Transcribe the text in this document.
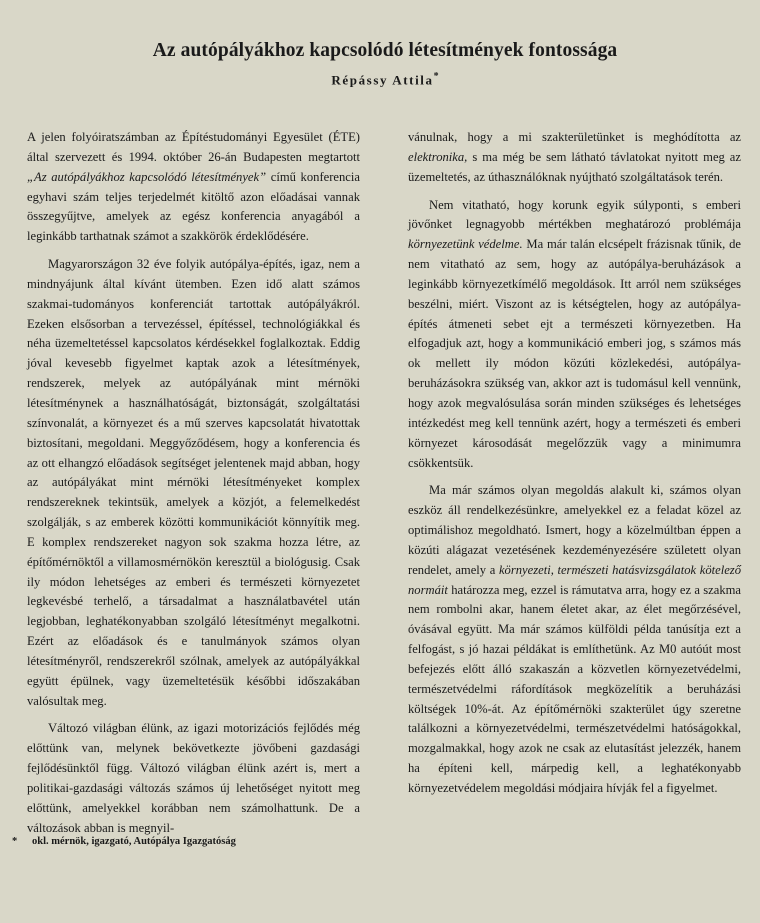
Az autópályákhoz kapcsolódó létesítmények fontossága
Répássy Attila*

A jelen folyóiratszámban az Építéstudományi Egyesület (ÉTE) által szervezett és 1994. október 26-án Budapesten megtartott „Az autópályákhoz kapcsolódó létesítmények” című konferencia egyhavi szám teljes terjedelmét kitöltő azon előadásai vannak összegyűjtve, amelyek az egész konferencia anyagából a leginkább tarthatnak számot a szakkörök érdeklődésére.

Magyarországon 32 éve folyik autópálya-építés, igaz, nem a mindnyájunk által kívánt ütemben. Ezen idő alatt számos szakmai-tudományos konferenciát tartottak autópályákról. Ezeken elsősorban a tervezéssel, építéssel, technológiákkal és néha üzemeltetéssel kapcsolatos kérdésekkel foglalkoztak. Eddig jóval kevesebb figyelmet kaptak azok a létesítmények, rendszerek, melyek az autópályának mint mérnöki létesítménynek a használhatóságát, biztonságát, szolgáltatási színvonalát, a környezet és a mű szerves kapcsolatát hivatottak biztosítani, megoldani. Meggyőződésem, hogy a konferencia és az ott elhangzó előadások segítséget jelentenek majd abban, hogy az autópályákat mint mérnöki létesítményeket komplex rendszereknek tekintsük, amelyek a közjót, a felemelkedést szolgálják, s az emberek közötti kommunikációt könnyítik meg. E komplex rendszereket nagyon sok szakma hozza létre, az építőmérnöktől a villamosmérnökön keresztül a biológusig. Csak ily módon lehetséges az emberi és természeti környezetet legkevésbé terhelő, a társadalmat a használatbavétel után legjobban, leghatékonyabban szolgáló létesítményt megalkotni. Ezért az előadások és e tanulmányok számos olyan létesítményről, rendszerekről szólnak, amelyek az autópályákkal együtt épülnek, vagy üzemeltetésük későbbi időszakában valósultak meg.

Változó világban élünk, az igazi motorizációs fejlődés még előttünk van, melynek bekövetkezte jövőbeni gazdasági fejlődésünktől függ. Változó világban élünk azért is, mert a politikai-gazdasági változás számos új lehetőséget nyitott meg előttünk, amelyekkel korábban nem számolhattunk. De a változások abban is megnyil-

vánulnak, hogy a mi szakterületünket is meghódította az elektronika, s ma még be sem látható távlatokat nyitott meg az üzemeltetés, az úthasználóknak nyújtható szolgáltatások terén.

Nem vitatható, hogy korunk egyik súlyponti, s emberi jövőnket legnagyobb mértékben meghatározó problémája környezetünk védelme. Ma már talán elcsépelt frázisnak tűnik, de nem vitatható az sem, hogy az autópálya-beruházások a leginkább környezetkímélő megoldások. Itt arról nem szükséges beszélni, miért. Viszont az is kétségtelen, hogy az autópálya-építés átmeneti sebet ejt a természeti környezetben. Ha elfogadjuk azt, hogy a kommunikáció emberi jog, s számos más ok mellett ily módon közúti közlekedési, autópálya-beruházásokra szükség van, akkor azt is tudomásul kell vennünk, hogy azok megvalósulása során minden szükséges és lehetséges intézkedést meg kell tennünk azért, hogy a természeti és emberi környezet károsodását megelőzzük vagy a minimumra csökkentsük.

Ma már számos olyan megoldás alakult ki, számos olyan eszköz áll rendelkezésünkre, amelyekkel ez a feladat közel az optimálishoz megoldható. Ismert, hogy a közelmúltban éppen a közúti alágazat vezetésének kezdeményezésére született olyan rendelet, amely a környezeti, természeti hatásvizsgálatok kötelező normáit határozza meg, ezzel is rámutatva arra, hogy ez a szakma nem rombolni akar, hanem életet akar, az élet megőrzésével, óvásával együtt. Ma már számos külföldi példa tanúsítja ezt a felfogást, s jó hazai példákat is említhetünk. Az M0 autóút most befejezés előtt álló szakaszán a közvetlen környezetvédelmi, természetvédelmi ráfordítások megközelítik a beruházási költségek 10%-át. Az építőmérnöki szakterület úgy szeretne találkozni a környezetvédelmi, természetvédelmi hatóságokkal, mozgalmakkal, hogy azok ne csak az elutasítást jelezzék, hanem ha építeni kell, márpedig kell, a leghatékonyabb környezetvédelem megoldási módjaira hívják fel a figyelmet.

* okl. mérnök, igazgató, Autópálya Igazgatóság
